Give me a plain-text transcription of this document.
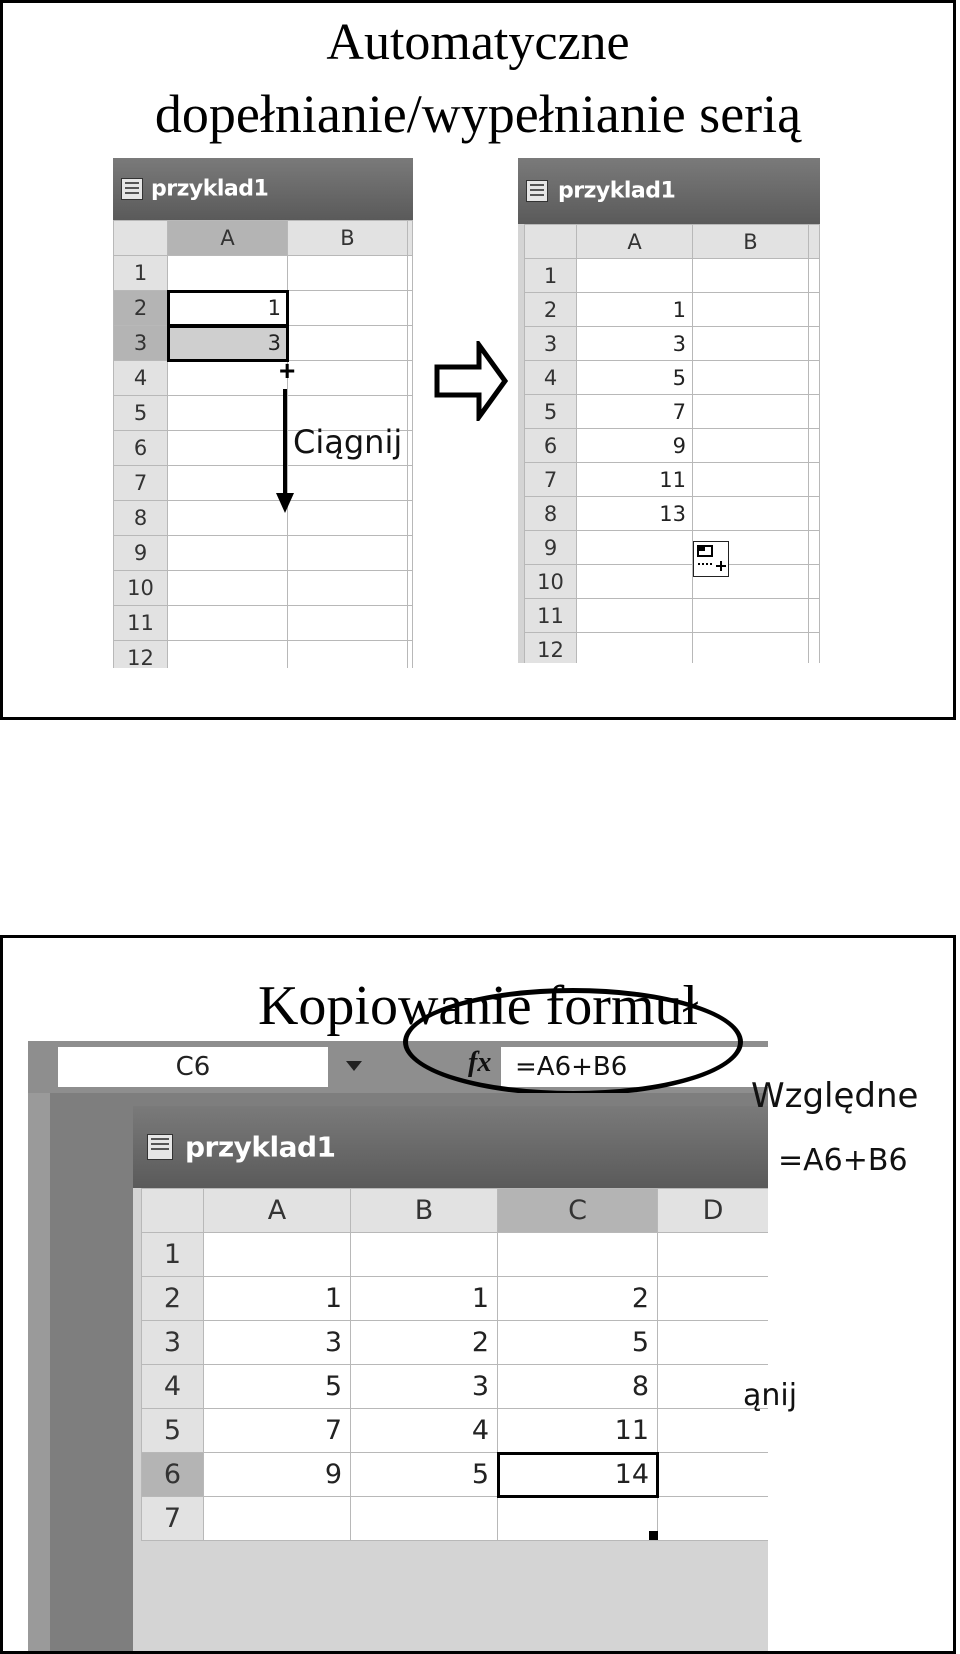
Automatyczne
dopełnianie/wypełnianie serią
przyklad1
	A	B	
1			
2	1		
3	3		
4			
5			
6			
7			
8			
9			
10			
11			
12			
+
Ciągnij
przyklad1
	A	B	
1			
2	1		
3	3		
4	5		
5	7		
6	9		
7	11		
8	13		
9			
10			
11			
12			
Kopiowanie formuł
C6	fx =A6+B6
przyklad1
	A	B	C	D
1				
2	1	1	2	
3	3	2	5	
4	5	3	8	
5	7	4	11	
6	9	5	14	
7				
Względne
=A6+B6
ąnij
